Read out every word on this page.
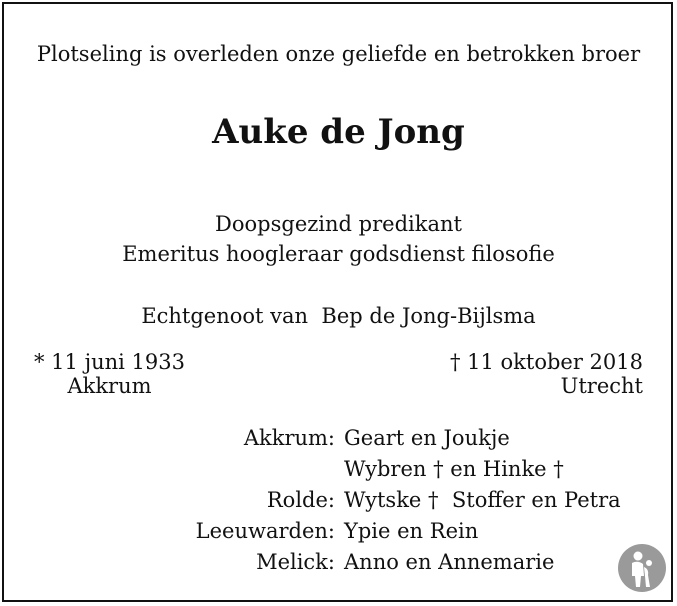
Plotseling is overleden onze geliefde en betrokken broer
Auke de Jong
Doopsgezind predikant
Emeritus hoogleraar godsdienst filosofie
Echtgenoot van  Bep de Jong-Bijlsma
* 11 juni 1933
Akkrum
† 11 oktober 2018
Utrecht
Akkrum: Geart en Joukje
Wybren † en Hinke †
Rolde: Wytske †  Stoffer en Petra
Leeuwarden: Ypie en Rein
Melick: Anno en Annemarie
